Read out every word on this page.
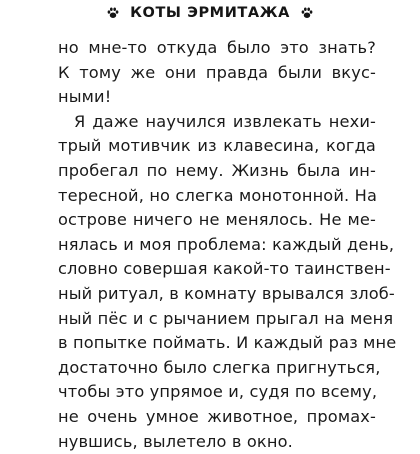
КОТЫ ЭРМИТАЖА
но мне-то откуда было это знать?
К тому же они правда были вкус-
ными!
Я даже научился извлекать нехи-
трый мотивчик из клавесина, когда
пробегал по нему. Жизнь была ин-
тересной, но слегка монотонной. На
острове ничего не менялось. Не ме-
нялась и моя проблема: каждый день,
словно совершая какой-то таинствен-
ный ритуал, в комнату врывался злоб-
ный пёс и с рычанием прыгал на меня
в попытке поймать. И каждый раз мне
достаточно было слегка пригнуться,
чтобы это упрямое и, судя по всему,
не очень умное животное, промах-
нувшись, вылетело в окно.
